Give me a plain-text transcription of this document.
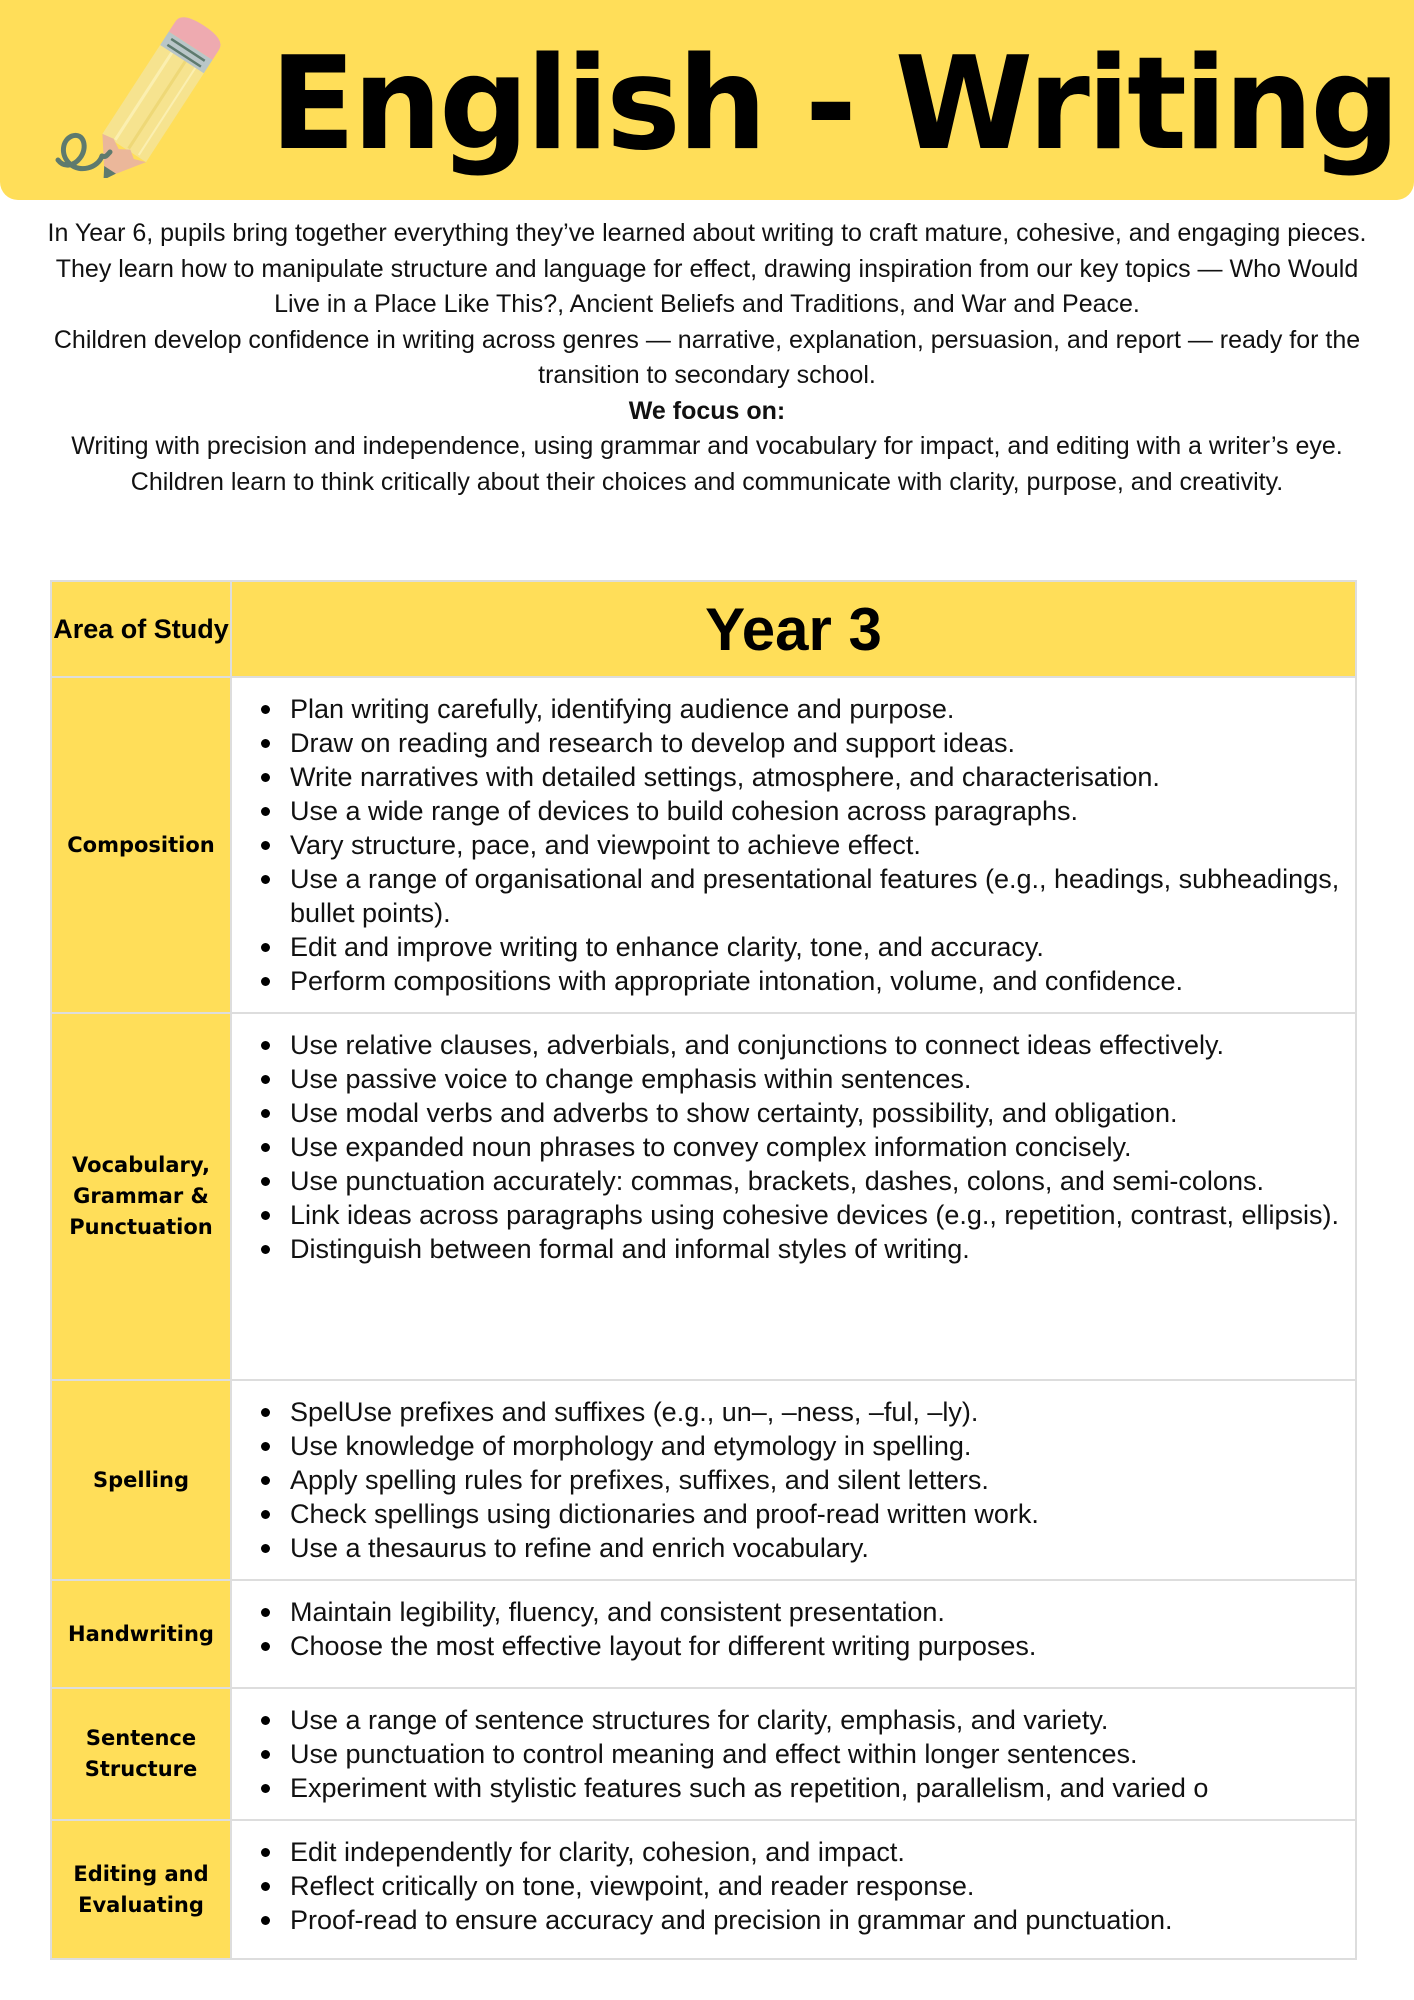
English - Writing

In Year 6, pupils bring together everything they’ve learned about writing to craft mature, cohesive, and engaging pieces. They learn how to manipulate structure and language for effect, drawing inspiration from our key topics — Who Would Live in a Place Like This?, Ancient Beliefs and Traditions, and War and Peace.

Children develop confidence in writing across genres — narrative, explanation, persuasion, and report — ready for the transition to secondary school.

We focus on:

Writing with precision and independence, using grammar and vocabulary for impact, and editing with a writer’s eye. Children learn to think critically about their choices and communicate with clarity, purpose, and creativity.

Area of Study	Year 3
Composition	
Plan writing carefully, identifying audience and purpose.
Draw on reading and research to develop and support ideas.
Write narratives with detailed settings, atmosphere, and characterisation.
Use a wide range of devices to build cohesion across paragraphs.
Vary structure, pace, and viewpoint to achieve effect.
Use a range of organisational and presentational features (e.g., headings, subheadings, bullet points).
Edit and improve writing to enhance clarity, tone, and accuracy.
Perform compositions with appropriate intonation, volume, and confidence.

Vocabulary, Grammar & Punctuation	
Use relative clauses, adverbials, and conjunctions to connect ideas effectively.
Use passive voice to change emphasis within sentences.
Use modal verbs and adverbs to show certainty, possibility, and obligation.
Use expanded noun phrases to convey complex information concisely.
Use punctuation accurately: commas, brackets, dashes, colons, and semi-colons.
Link ideas across paragraphs using cohesive devices (e.g., repetition, contrast, ellipsis).
Distinguish between formal and informal styles of writing.

Spelling	
SpelUse prefixes and suffixes (e.g., un–, –ness, –ful, –ly).
Use knowledge of morphology and etymology in spelling.
Apply spelling rules for prefixes, suffixes, and silent letters.
Check spellings using dictionaries and proof-read written work.
Use a thesaurus to refine and enrich vocabulary.

Handwriting	
Maintain legibility, fluency, and consistent presentation.
Choose the most effective layout for different writing purposes.

Sentence Structure	
Use a range of sentence structures for clarity, emphasis, and variety.
Use punctuation to control meaning and effect within longer sentences.
Experiment with stylistic features such as repetition, parallelism, and varied o

Editing and Evaluating	
Edit independently for clarity, cohesion, and impact.
Reflect critically on tone, viewpoint, and reader response.
Proof-read to ensure accuracy and precision in grammar and punctuation.
